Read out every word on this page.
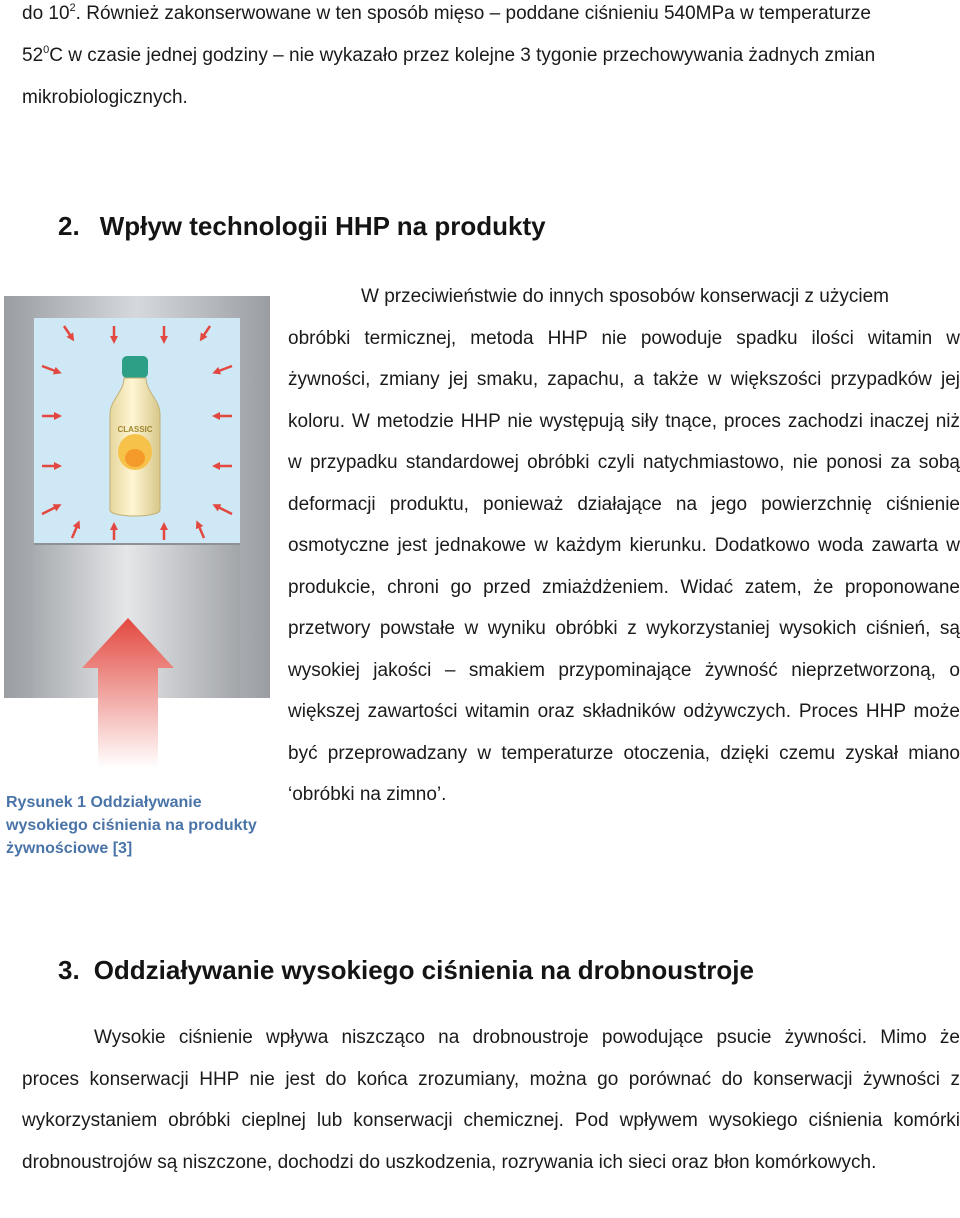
do $10^2$. Również zakonserwowane w ten sposób mięso – poddane ciśnieniu 540MPa w temperaturze

$52^0C$ w czasie jednej godziny – nie wykazało przez kolejne 3 tygonie przechowywania żadnych zmian

mikrobiologicznych.

2. Wpływ technologii HHP na produkty
CLASSIC
Rysunek 1 Oddziaływanie wysokiego ciśnienia na produkty żywnościowe [3]
W przeciwieństwie do innych sposobów konserwacji z użyciem
obróbki termicznej, metoda HHP nie powoduje spadku ilości witamin w żywności, zmiany jej smaku, zapachu, a także w większości przypadków jej koloru. W metodzie HHP nie występują siły tnące, proces zachodzi inaczej niż w przypadku standardowej obróbki czyli natychmiastowo, nie ponosi za sobą deformacji produktu, ponieważ działające na jego powierzchnię ciśnienie osmotyczne jest jednakowe w każdym kierunku. Dodatkowo woda zawarta w produkcie, chroni go przed zmiażdżeniem. Widać zatem, że proponowane przetwory powstałe w wyniku obróbki z wykorzystaniej wysokich ciśnień, są wysokiej jakości – smakiem przypominające żywność nieprzetworzoną, o większej zawartości witamin oraz składników odżywczych. Proces HHP może być przeprowadzany w temperaturze otoczenia, dzięki czemu zyskał miano ‘obróbki na zimno’.
3. Oddziaływanie wysokiego ciśnienia na drobnoustroje
Wysokie ciśnienie wpływa niszcząco na drobnoustroje powodujące psucie żywności. Mimo że
proces konserwacji HHP nie jest do końca zrozumiany, można go porównać do konserwacji żywności z wykorzystaniem obróbki cieplnej lub konserwacji chemicznej. Pod wpływem wysokiego ciśnienia komórki drobnoustrojów są niszczone, dochodzi do uszkodzenia, rozrywania ich sieci oraz błon komórkowych.
